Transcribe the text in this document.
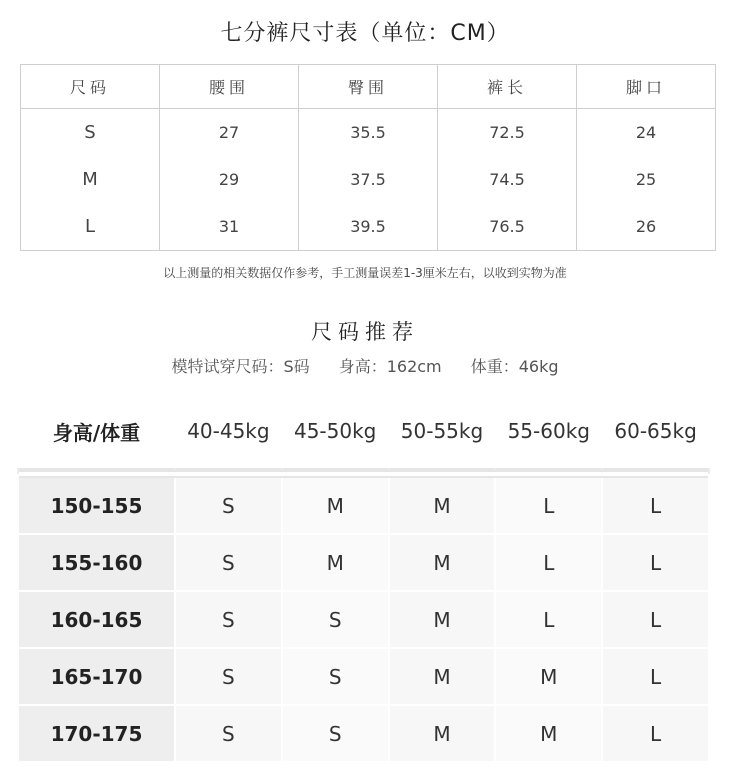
七分裤尺寸表（单位：CM）
尺码	腰围	臀围	裤长	脚口
S	27	35.5	72.5	24
M	29	37.5	74.5	25
L	31	39.5	76.5	26
以上测量的相关数据仅作参考，手工测量误差1-3厘米左右，以收到实物为准
尺码推荐
模特试穿尺码：S码 身高：162cm 体重：46kg
身高/体重	40-45kg	45-50kg	50-55kg	55-60kg	60-65kg

150-155	S	M	M	L	L
155-160	S	M	M	L	L
160-165	S	S	M	L	L
165-170	S	S	M	M	L
170-175	S	S	M	M	L
